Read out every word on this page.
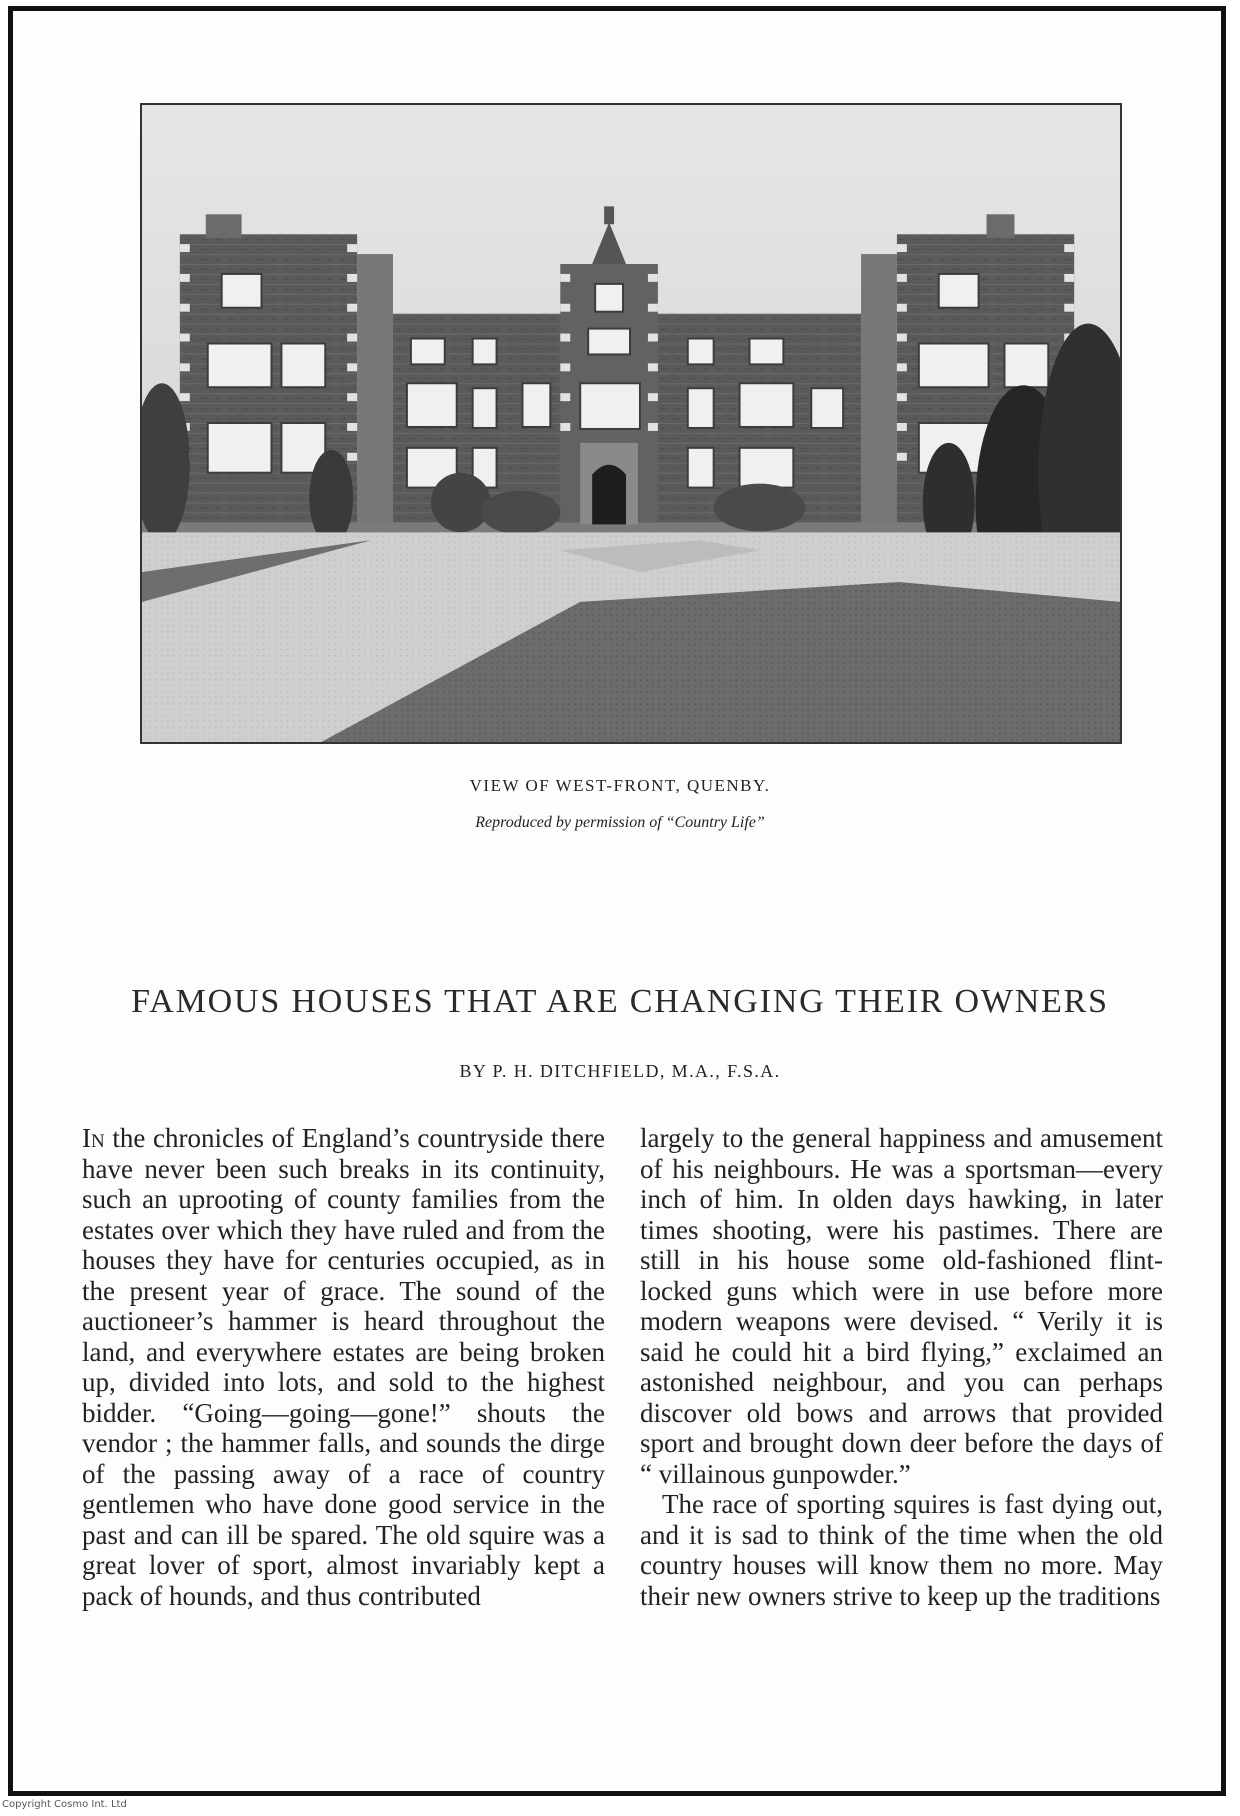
VIEW OF WEST-FRONT, QUENBY.
Reproduced by permission of “Country Life”
FAMOUS HOUSES THAT ARE CHANGING THEIR OWNERS
BY P. H. DITCHFIELD, M.A., F.S.A.

In the chronicles of England’s countryside there have never been such breaks in its continuity, such an uprooting of county families from the estates over which they have ruled and from the houses they have for centuries occupied, as in the present year of grace. The sound of the auctioneer’s hammer is heard throughout the land, and everywhere estates are being broken up, divided into lots, and sold to the highest bidder. “Going—going—gone!” shouts the vendor ; the hammer falls, and sounds the dirge of the passing away of a race of country gentlemen who have done good service in the past and can ill be spared. The old squire was a great lover of sport, almost invariably kept a pack of hounds, and thus contributed

largely to the general happiness and amusement of his neighbours. He was a sportsman—every inch of him. In olden days hawking, in later times shooting, were his pastimes. There are still in his house some old-fashioned flint-locked guns which were in use before more modern weapons were devised. “ Verily it is said he could hit a bird flying,” exclaimed an astonished neighbour, and you can perhaps discover old bows and arrows that provided sport and brought down deer before the days of “ villainous gunpowder.”

The race of sporting squires is fast dying out, and it is sad to think of the time when the old country houses will know them no more. May their new owners strive to keep up the traditions

Copyright Cosmo Int. Ltd
